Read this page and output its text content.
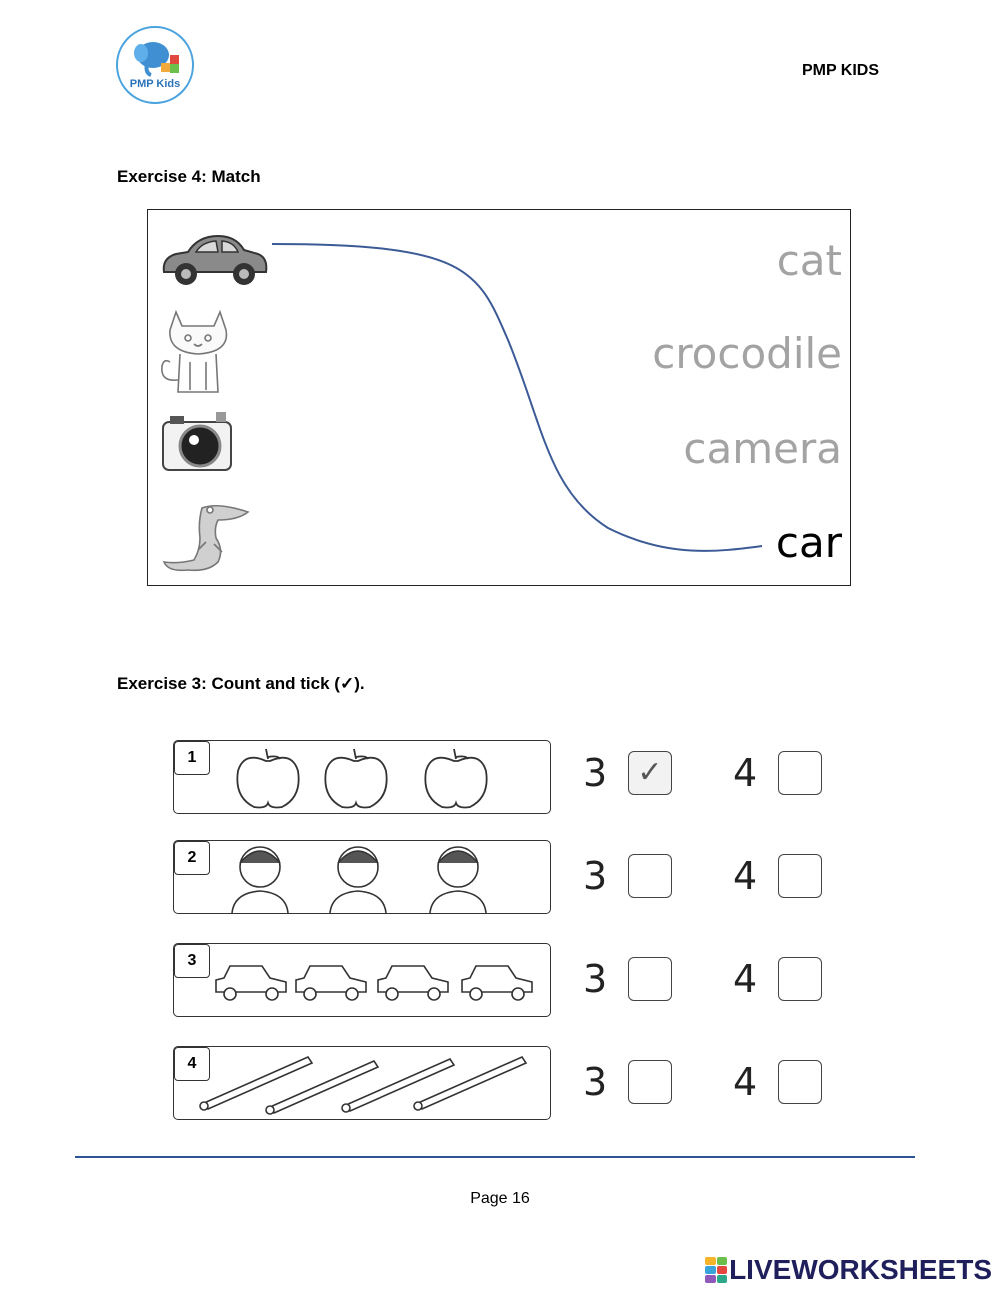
PMP Kids
PMP KIDS
Exercise 4: Match
cat
crocodile
camera
car
Exercise 3: Count and tick (✓).
1
2
3
4
3 ✓ 4
3	4
3	4
3	4
Page 16
LIVEWORKSHEETS
